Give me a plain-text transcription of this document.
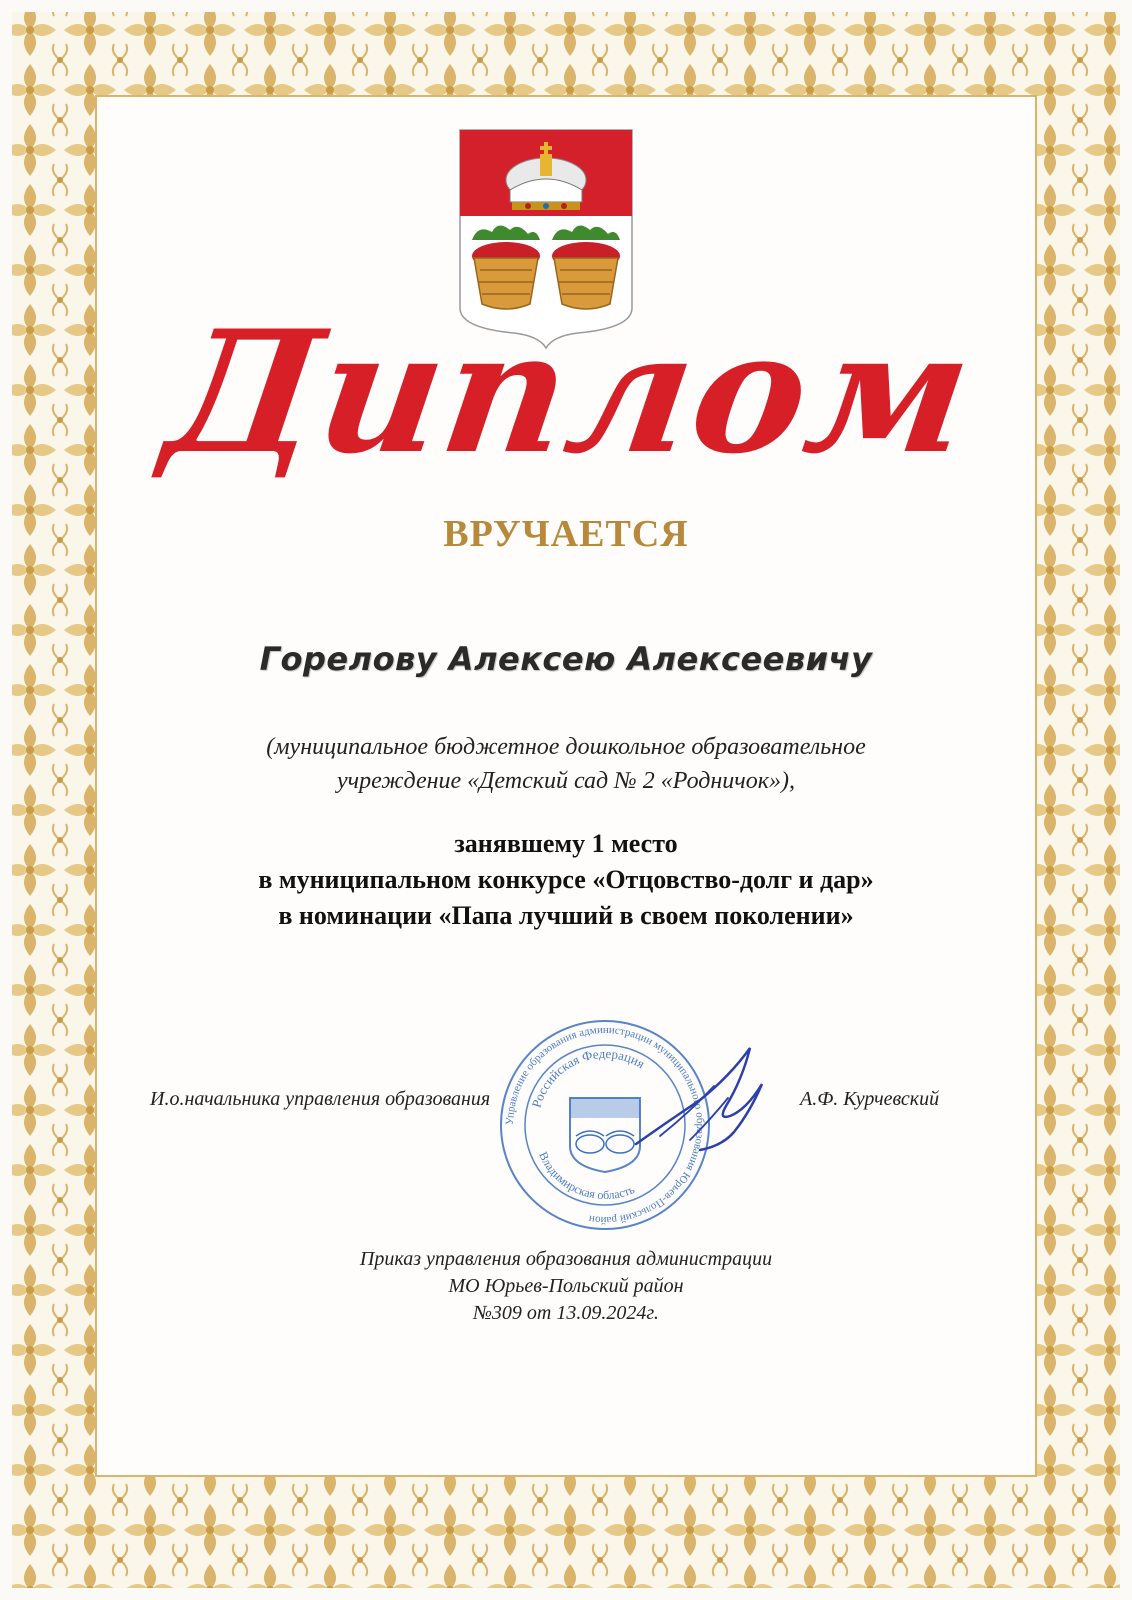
Диплом
ВРУЧАЕТСЯ
Горелову Алексею Алексеевичу
(муниципальное бюджетное дошкольное образовательное
учреждение «Детский сад № 2 «Родничок»),
занявшему 1 место
в муниципальном конкурсе «Отцовство-долг и дар»
в номинации «Папа лучший в своем поколении»
Управление образования администрации муниципального образования Юрьев-Польский район
Российская Федерация
Владимирская область
И.о.начальника управления образования	А.Ф. Курчевский
Приказ управления образования администрации
МО Юрьев-Польский район
№309 от 13.09.2024г.
